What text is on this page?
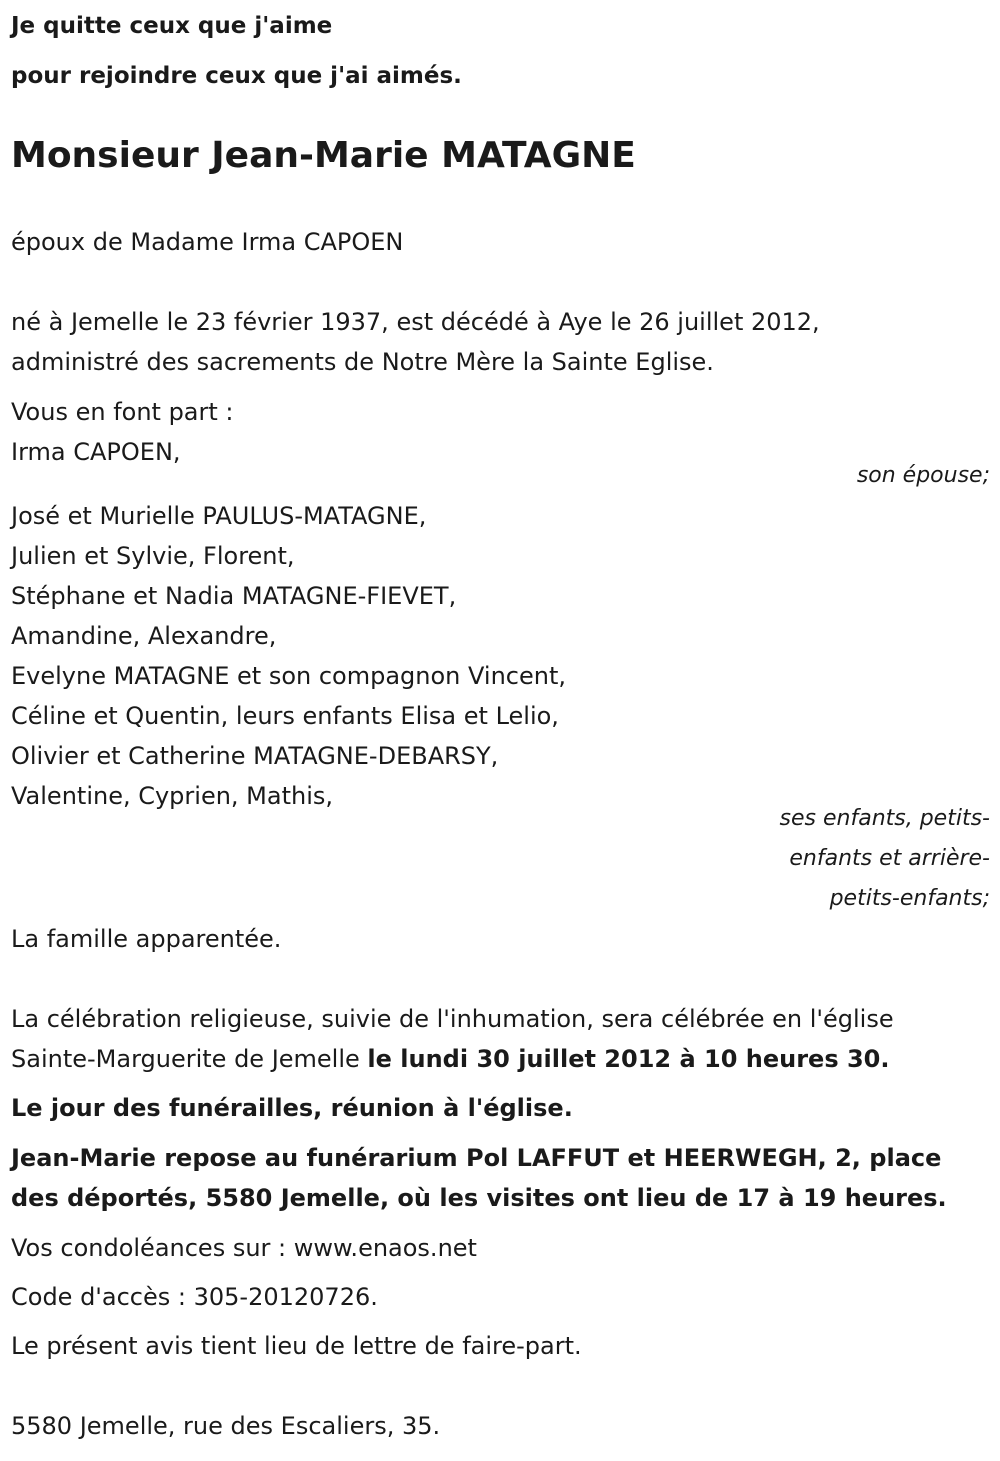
Je quitte ceux que j'aime
pour rejoindre ceux que j'ai aimés.
Monsieur Jean-Marie MATAGNE
époux de Madame Irma CAPOEN
né à Jemelle le 23 février 1937, est décédé à Aye le 26 juillet 2012,
administré des sacrements de Notre Mère la Sainte Eglise.
Vous en font part :
Irma CAPOEN,
son épouse;
José et Murielle PAULUS-MATAGNE,
Julien et Sylvie, Florent,
Stéphane et Nadia MATAGNE-FIEVET,
Amandine, Alexandre,
Evelyne MATAGNE et son compagnon Vincent,
Céline et Quentin, leurs enfants Elisa et Lelio,
Olivier et Catherine MATAGNE-DEBARSY,
Valentine, Cyprien, Mathis,
ses enfants, petits-
enfants et arrière-
petits-enfants;
La famille apparentée.
La célébration religieuse, suivie de l'inhumation, sera célébrée en l'église
Sainte-Marguerite de Jemelle le lundi 30 juillet 2012 à 10 heures 30.
Le jour des funérailles, réunion à l'église.
Jean-Marie repose au funérarium Pol LAFFUT et HEERWEGH, 2, place
des déportés, 5580 Jemelle, où les visites ont lieu de 17 à 19 heures.
Vos condoléances sur : www.enaos.net
Code d'accès : 305-20120726.
Le présent avis tient lieu de lettre de faire-part.
5580 Jemelle, rue des Escaliers, 35.
